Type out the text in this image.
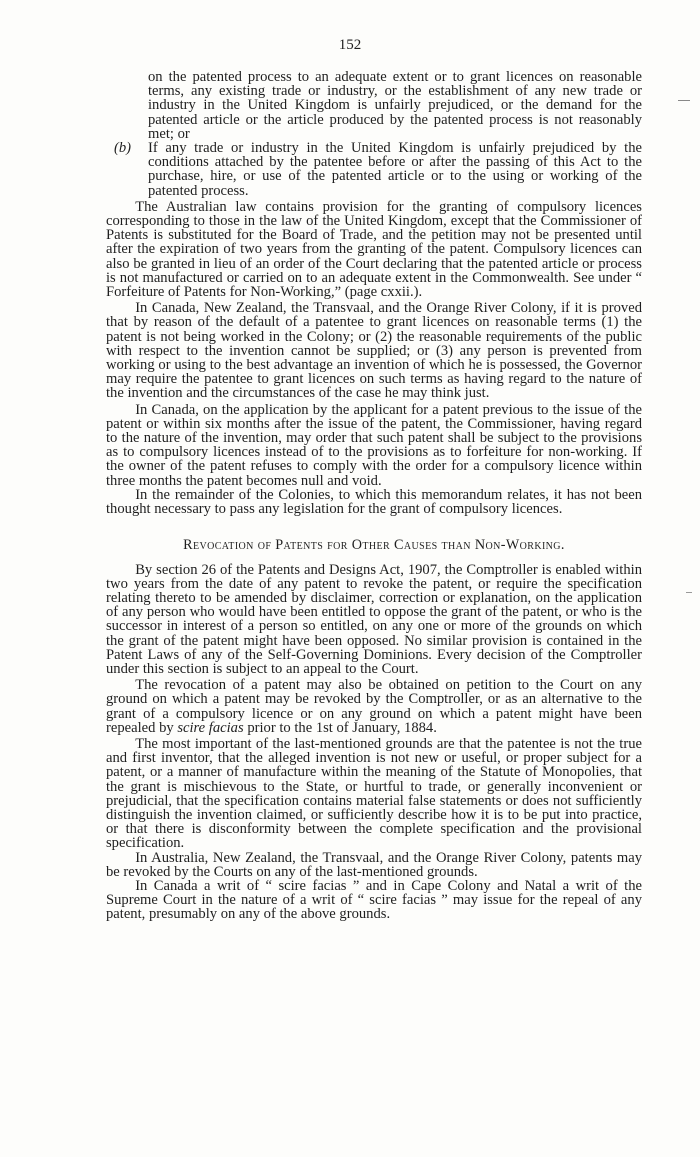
152

on the patented process to an adequate extent or to grant licences on reasonable terms, any existing trade or industry, or the establishment of any new trade or industry in the United Kingdom is unfairly prejudiced, or the demand for the patented article or the article produced by the patented process is not reasonably met; or

(b) If any trade or industry in the United Kingdom is unfairly prejudiced by the conditions attached by the patentee before or after the passing of this Act to the purchase, hire, or use of the patented article or to the using or working of the patented process.

The Australian law contains provision for the granting of compulsory licences corresponding to those in the law of the United Kingdom, except that the Commissioner of Patents is substituted for the Board of Trade, and the petition may not be presented until after the expiration of two years from the granting of the patent. Compulsory licences can also be granted in lieu of an order of the Court declaring that the patented article or process is not manufactured or carried on to an adequate extent in the Commonwealth. See under “ Forfeiture of Patents for Non-Working,” (page cxxii.).

In Canada, New Zealand, the Transvaal, and the Orange River Colony, if it is proved that by reason of the default of a patentee to grant licences on reasonable terms (1) the patent is not being worked in the Colony; or (2) the reasonable requirements of the public with respect to the invention cannot be supplied; or (3) any person is prevented from working or using to the best advantage an invention of which he is possessed, the Governor may require the patentee to grant licences on such terms as having regard to the nature of the invention and the circumstances of the case he may think just.

In Canada, on the application by the applicant for a patent previous to the issue of the patent or within six months after the issue of the patent, the Commissioner, having regard to the nature of the invention, may order that such patent shall be subject to the provisions as to compulsory licences instead of to the provisions as to forfeiture for non-working. If the owner of the patent refuses to comply with the order for a compulsory licence within three months the patent becomes null and void.

In the remainder of the Colonies, to which this memorandum relates, it has not been thought necessary to pass any legislation for the grant of compulsory licences.

Revocation of Patents for Other Causes than Non-Working.

By section 26 of the Patents and Designs Act, 1907, the Comptroller is enabled within two years from the date of any patent to revoke the patent, or require the specification relating thereto to be amended by disclaimer, correction or explanation, on the application of any person who would have been entitled to oppose the grant of the patent, or who is the successor in interest of a person so entitled, on any one or more of the grounds on which the grant of the patent might have been opposed. No similar provision is contained in the Patent Laws of any of the Self-Governing Dominions. Every decision of the Comptroller under this section is subject to an appeal to the Court.

The revocation of a patent may also be obtained on petition to the Court on any ground on which a patent may be revoked by the Comptroller, or as an alternative to the grant of a compulsory licence or on any ground on which a patent might have been repealed by scire facias prior to the 1st of January, 1884.

The most important of the last-mentioned grounds are that the patentee is not the true and first inventor, that the alleged invention is not new or useful, or proper subject for a patent, or a manner of manufacture within the meaning of the Statute of Monopolies, that the grant is mischievous to the State, or hurtful to trade, or generally inconvenient or prejudicial, that the specification contains material false statements or does not sufficiently distinguish the invention claimed, or sufficiently describe how it is to be put into practice, or that there is disconformity between the complete specification and the provisional specification.

In Australia, New Zealand, the Transvaal, and the Orange River Colony, patents may be revoked by the Courts on any of the last-mentioned grounds.

In Canada a writ of “ scire facias ” and in Cape Colony and Natal a writ of the Supreme Court in the nature of a writ of “ scire facias ” may issue for the repeal of any patent, presumably on any of the above grounds.
